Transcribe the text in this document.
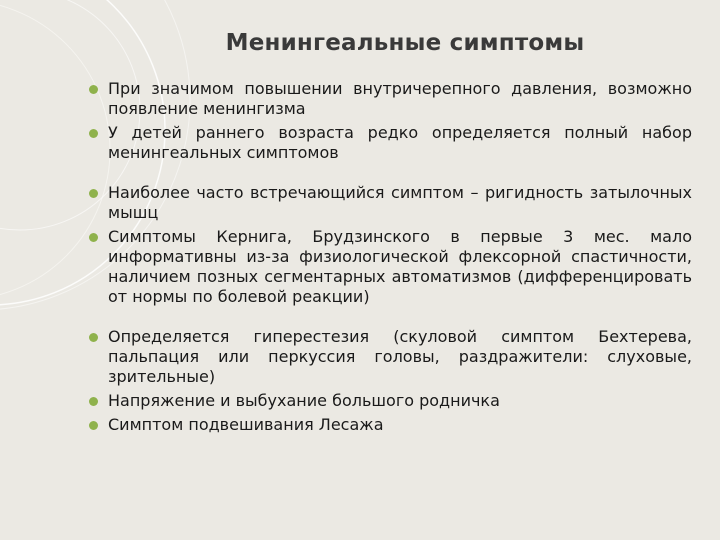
Менингеальные симптомы
При значимом повышении внутричерепного давления, возможно появление менингизма
У детей раннего возраста редко определяется полный набор менингеальных симптомов
Наиболее часто встречающийся симптом – ригидность затылочных мышц
Симптомы Кернига, Брудзинского в первые 3 мес. мало информативны из-за физиологической флексорной спастичности, наличием позных сегментарных автоматизмов (дифференцировать от нормы по болевой реакции)
Определяется гиперестезия (скуловой симптом Бехтерева, пальпация или перкуссия головы, раздражители: слуховые, зрительные)
Напряжение и выбухание большого родничка
Симптом подвешивания Лесажа
